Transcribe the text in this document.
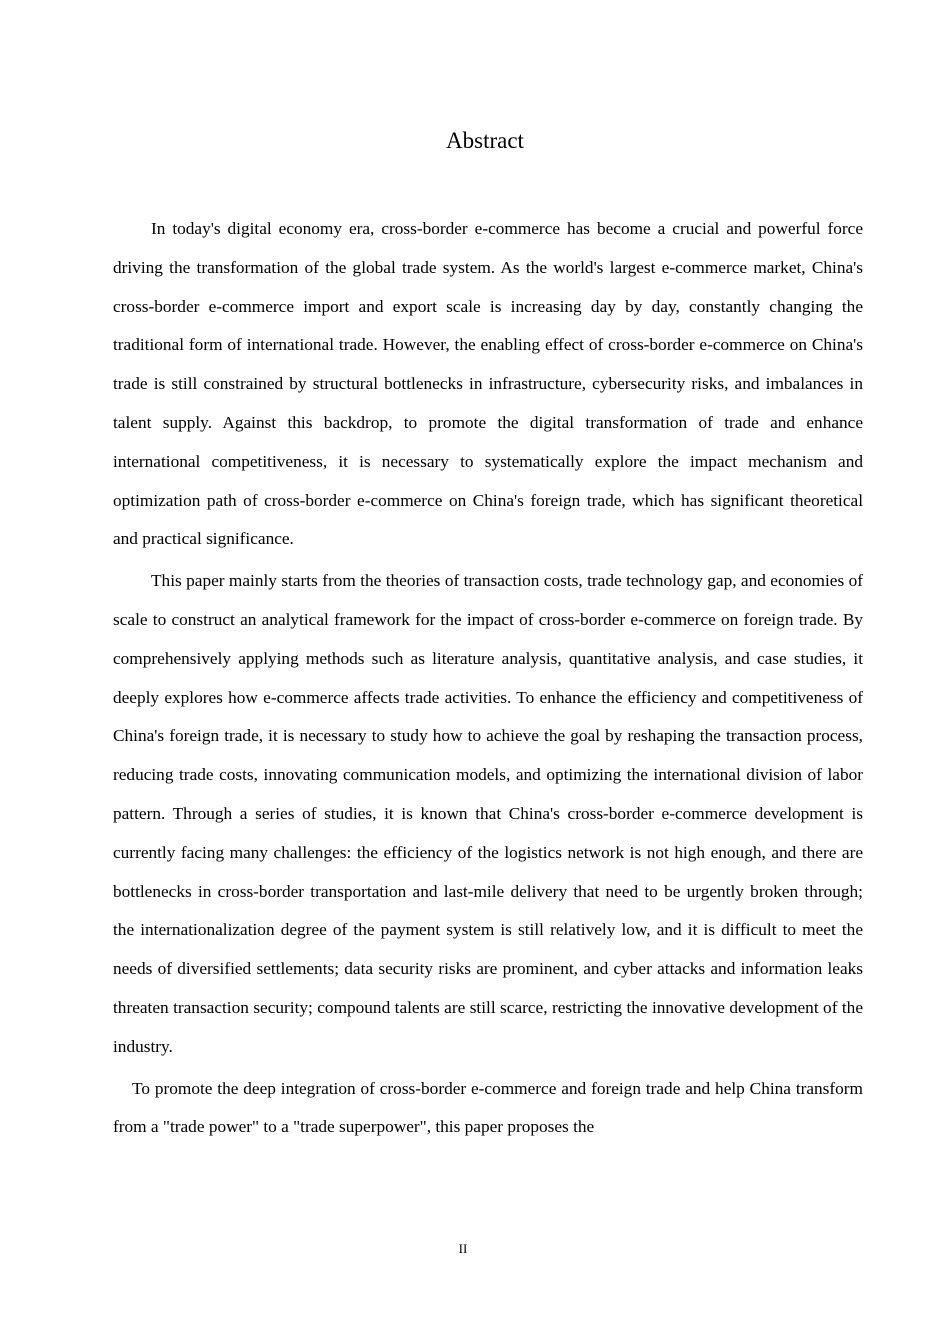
Abstract

In today's digital economy era, cross-border e-commerce has become a crucial and powerful force driving the transformation of the global trade system. As the world's largest e-commerce market, China's cross-border e-commerce import and export scale is increasing day by day, constantly changing the traditional form of international trade. However, the enabling effect of cross-border e-commerce on China's trade is still constrained by structural bottlenecks in infrastructure, cybersecurity risks, and imbalances in talent supply. Against this backdrop, to promote the digital transformation of trade and enhance international competitiveness, it is necessary to systematically explore the impact mechanism and optimization path of cross-border e-commerce on China's foreign trade, which has significant theoretical and practical significance.

This paper mainly starts from the theories of transaction costs, trade technology gap, and economies of scale to construct an analytical framework for the impact of cross-border e-commerce on foreign trade. By comprehensively applying methods such as literature analysis, quantitative analysis, and case studies, it deeply explores how e-commerce affects trade activities. To enhance the efficiency and competitiveness of China's foreign trade, it is necessary to study how to achieve the goal by reshaping the transaction process, reducing trade costs, innovating communication models, and optimizing the international division of labor pattern. Through a series of studies, it is known that China's cross-border e-commerce development is currently facing many challenges: the efficiency of the logistics network is not high enough, and there are bottlenecks in cross-border transportation and last-mile delivery that need to be urgently broken through; the internationalization degree of the payment system is still relatively low, and it is difficult to meet the needs of diversified settlements; data security risks are prominent, and cyber attacks and information leaks threaten transaction security; compound talents are still scarce, restricting the innovative development of the industry.

To promote the deep integration of cross-border e-commerce and foreign trade and help China transform from a "trade power" to a "trade superpower", this paper proposes the

II
